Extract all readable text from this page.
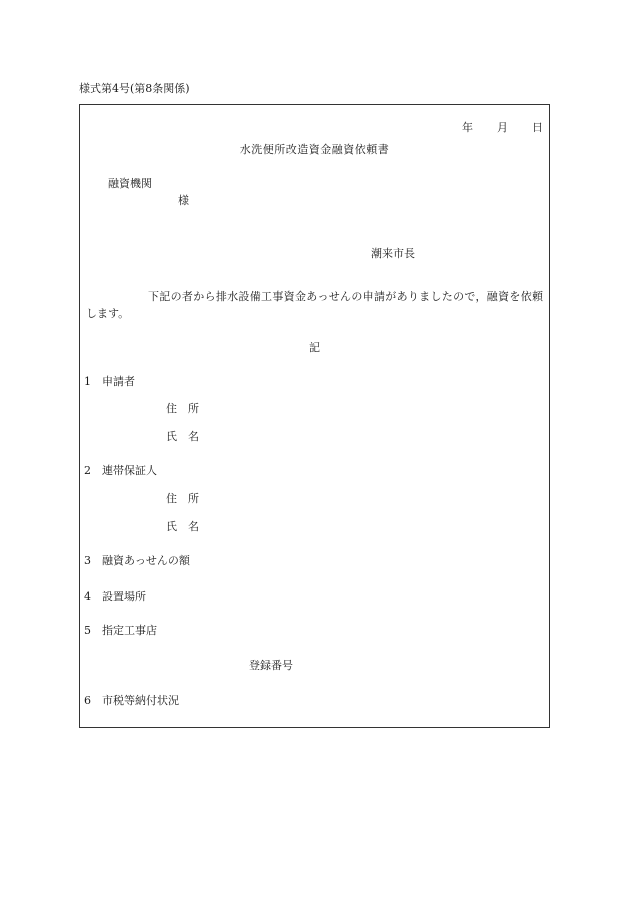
様式第4号(第8条関係)
年 月 日
水洗便所改造資金融資依頼書
融資機関
様
潮来市長
下記の者から排水設備工事資金あっせんの申請がありましたので，融資を依頼します。
記
1 申請者
住所
氏名
2 連帯保証人
住所
氏名
3 融資あっせんの額
4 設置場所
5 指定工事店
登録番号
6 市税等納付状況
